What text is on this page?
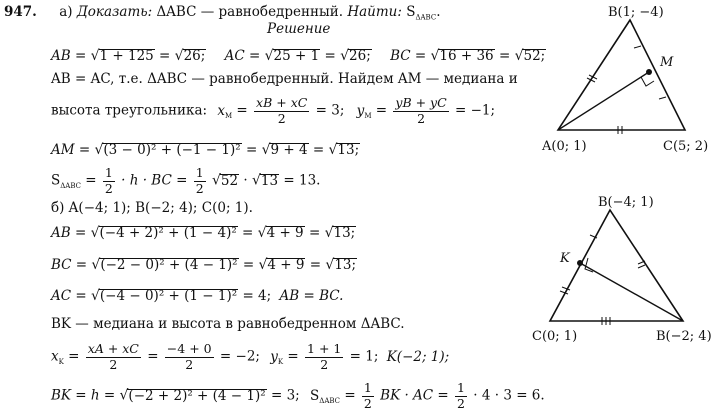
947. а) Доказать: ΔABC — равнобедренный. Найти: $S_{\Delta ABC}$.
Решение
AB = √1 + 125 = √26; AC = √25 + 1 = √26; BC = √16 + 36 = √52;
AB = AC, т.е. ΔABC — равнобедренный. Найдем AM — медиана и
высота треугольника: $x_M = \frac{xB + xC}{2} = 3$; $y_M = \frac{yB + yC}{2} = -1$;
AM = √(3 − 0)² + (−1 − 1)² = √9 + 4 = √13;
$S_{\Delta ABC} = \frac{1}{2} \cdot h$ · BC = $\frac{1}{2} √52 \cdot √13 = 13$.
б) A(−4; 1); B(−2; 4); C(0; 1).
AB = √(−4 + 2)² + (1 − 4)² = √4 + 9 = √13;
BC = √(−2 − 0)² + (4 − 1)² = √4 + 9 = √13;
AC = √(−4 − 0)² + (1 − 1)² = 4; AB = BC.
BK — медиана и высота в равнобедренном ΔABC.
$x_K = \frac{xA + xC}{2} = \frac{-4 + 0}{2} = -2$; $y_K = \frac{1 + 1}{2} = 1$; K(−2; 1);
BK = h = √(−2 + 2)² + (4 − 1)² = 3; $S_{\Delta ABC} = \frac{1}{2}$ BK · AC = $\frac{1}{2} \cdot 4 \cdot 3 = 6$.
B(1; −4)
M
A(0; 1)	C(5; 2)
B(−4; 1)
K
C(0; 1)	B(−2; 4)
